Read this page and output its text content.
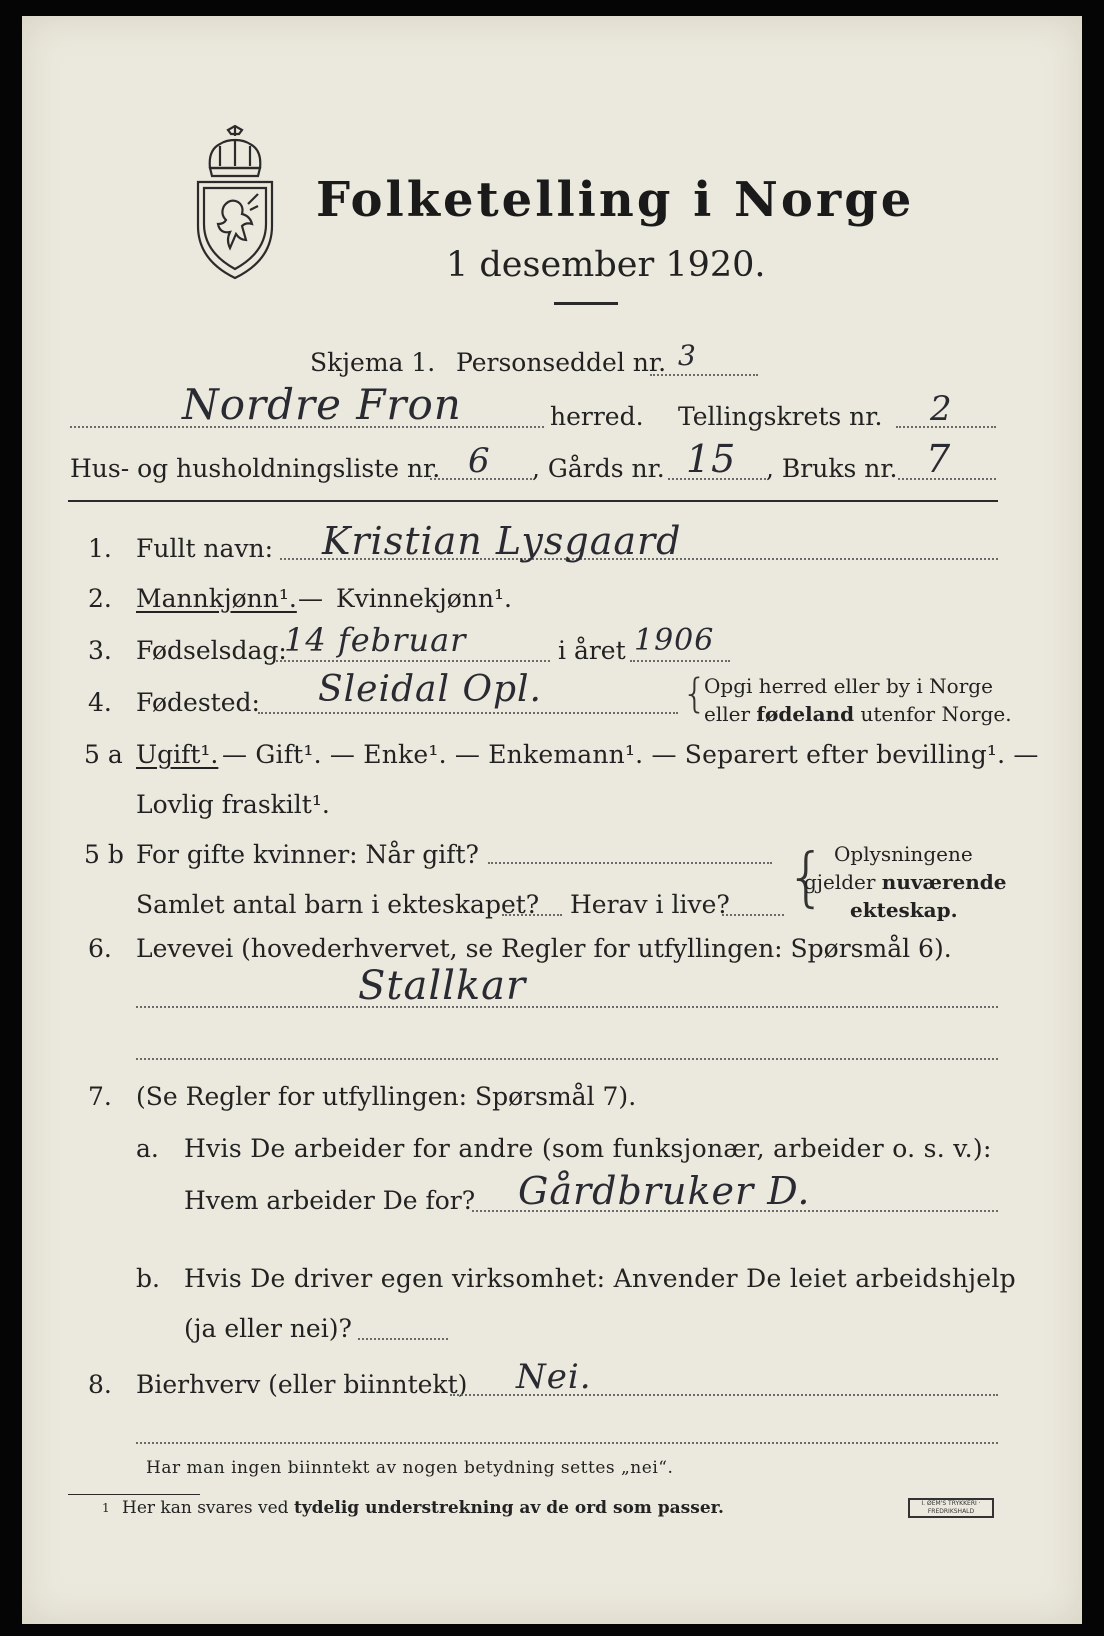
Folketelling i Norge
1 desember 1920.
Skjema 1. Personseddel nr. 3
Nordre Fron	herred. Tellingskrets nr. 2
Hus- og husholdningsliste nr. 6 , Gårds nr. 15 , Bruks nr. 7
1. Fullt navn: Kristian Lysgaard
2. Mannkjønn¹. — Kvinnekjønn¹.
3. Fødselsdag:
14 februar	i året 1906
4. Fødested: Sleidal Opl.	{
Opgi herred eller by i Norge
eller fødeland utenfor Norge.
5 a Ugift¹. — Gift¹. — Enke¹. — Enkemann¹. — Separert efter bevilling¹. —
Lovlig fraskilt¹.
5 b For gifte kvinner: Når gift?
Samlet antal barn i ekteskapet? Herav i live? { Oplysningene
gjelder nuværende
ekteskap.
6. Levevei (hovederhvervet, se Regler for utfyllingen: Spørsmål 6).
Stallkar
7. (Se Regler for utfyllingen: Spørsmål 7).
a. Hvis De arbeider for andre (som funksjonær, arbeider o. s. v.):
Hvem arbeider De for? Gårdbruker D.
b. Hvis De driver egen virksomhet: Anvender De leiet arbeidshjelp
(ja eller nei)?
8. Bierhverv (eller biinntekt) Nei.
Har man ingen biinntekt av nogen betydning settes „nei“.
1 Her kan svares ved tydelig understrekning av de ord som passer.	I. ØEM'S TRYKKERI · FREDRIKSHALD
